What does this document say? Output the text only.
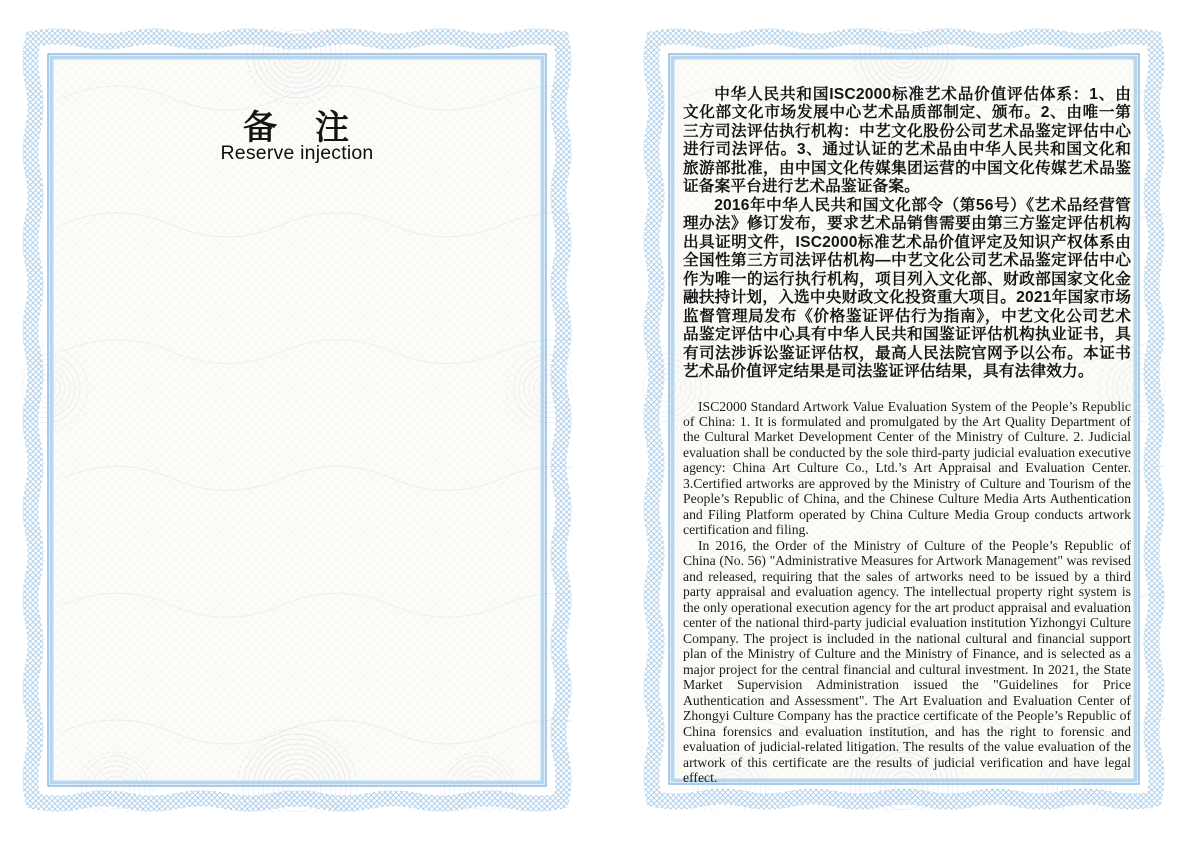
备　注
Reserve injection

中华人民共和国ISC2000标准艺术品价值评估体系：1、由文化部文化市场发展中心艺术品质部制定、颁布。2、由唯一第三方司法评估执行机构：中艺文化股份公司艺术品鉴定评估中心进行司法评估。3、通过认证的艺术品由中华人民共和国文化和旅游部批准，由中国文化传媒集团运营的中国文化传媒艺术品鉴证备案平台进行艺术品鉴证备案。

2016年中华人民共和国文化部令（第56号）《艺术品经营管理办法》修订发布，要求艺术品销售需要由第三方鉴定评估机构出具证明文件，ISC2000标准艺术品价值评定及知识产权体系由全国性第三方司法评估机构—中艺文化公司艺术品鉴定评估中心作为唯一的运行执行机构，项目列入文化部、财政部国家文化金融扶持计划，入选中央财政文化投资重大项目。2021年国家市场监督管理局发布《价格鉴证评估行为指南》，中艺文化公司艺术品鉴定评估中心具有中华人民共和国鉴证评估机构执业证书，具有司法涉诉讼鉴证评估权，最高人民法院官网予以公布。本证书艺术品价值评定结果是司法鉴证评估结果，具有法律效力。

ISC2000 Standard Artwork Value Evaluation System of the People’s Republic of China: 1. It is formulated and promulgated by the Art Quality Department of the Cultural Market Development Center of the Ministry of Culture. 2. Judicial evaluation shall be conducted by the sole third-party judicial evaluation executive agency: China Art Culture Co., Ltd.’s Art Appraisal and Evaluation Center. 3.Certified artworks are approved by the Ministry of Culture and Tourism of the People’s Republic of China, and the Chinese Culture Media Arts Authentication and Filing Platform operated by China Culture Media Group conducts artwork certification and filing.

In 2016, the Order of the Ministry of Culture of the People’s Republic of China (No. 56) "Administrative Measures for Artwork Management" was revised and released, requiring that the sales of artworks need to be issued by a third party appraisal and evaluation agency. The intellectual property right system is the only operational execution agency for the art product appraisal and evaluation center of the national third-party judicial evaluation institution Yizhongyi Culture Company. The project is included in the national cultural and financial support plan of the Ministry of Culture and the Ministry of Finance, and is selected as a major project for the central financial and cultural investment. In 2021, the State Market Supervision Administration issued the "Guidelines for Price Authentication and Assessment". The Art Evaluation and Evaluation Center of Zhongyi Culture Company has the practice certificate of the People’s Republic of China forensics and evaluation institution, and has the right to forensic and evaluation of judicial-related litigation. The results of the value evaluation of the artwork of this certificate are the results of judicial verification and have legal effect.
